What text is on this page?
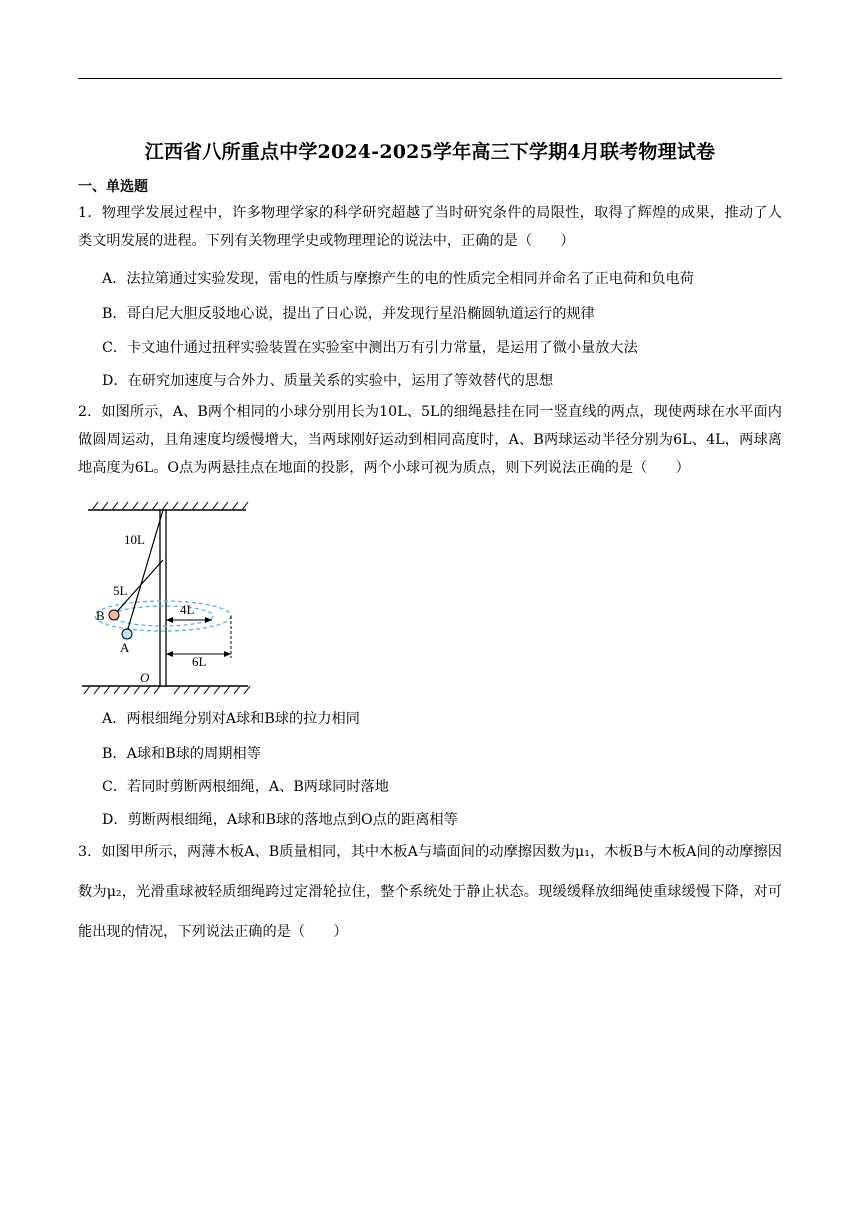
江西省八所重点中学2024-2025学年高三下学期4月联考物理试卷
一、单选题
1．物理学发展过程中，许多物理学家的科学研究超越了当时研究条件的局限性，取得了辉煌的成果，推动了人类文明发展的进程。下列有关物理学史或物理理论的说法中，正确的是（　　）
A．法拉第通过实验发现，雷电的性质与摩擦产生的电的性质完全相同并命名了正电荷和负电荷
B．哥白尼大胆反驳地心说，提出了日心说，并发现行星沿椭圆轨道运行的规律
C．卡文迪什通过扭秤实验装置在实验室中测出万有引力常量，是运用了微小量放大法
D．在研究加速度与合外力、质量关系的实验中，运用了等效替代的思想
2．如图所示，A、B两个相同的小球分别用长为10L、5L的细绳悬挂在同一竖直线的两点，现使两球在水平面内做圆周运动，且角速度均缓慢增大，当两球刚好运动到相同高度时，A、B两球运动半径分别为6L、4L，两球离地高度为6L。O点为两悬挂点在地面的投影，两个小球可视为质点，则下列说法正确的是（　　）
10L
5L
B
A
4L
6L
O
A．两根细绳分别对A球和B球的拉力相同
B．A球和B球的周期相等
C．若同时剪断两根细绳，A、B两球同时落地
D．剪断两根细绳，A球和B球的落地点到O点的距离相等
3．如图甲所示，两薄木板A、B质量相同，其中木板A与墙面间的动摩擦因数为μ₁，木板B与木板A间的动摩擦因数为μ₂，光滑重球被轻质细绳跨过定滑轮拉住，整个系统处于静止状态。现缓缓释放细绳使重球缓慢下降，对可能出现的情况，下列说法正确的是（　　）
